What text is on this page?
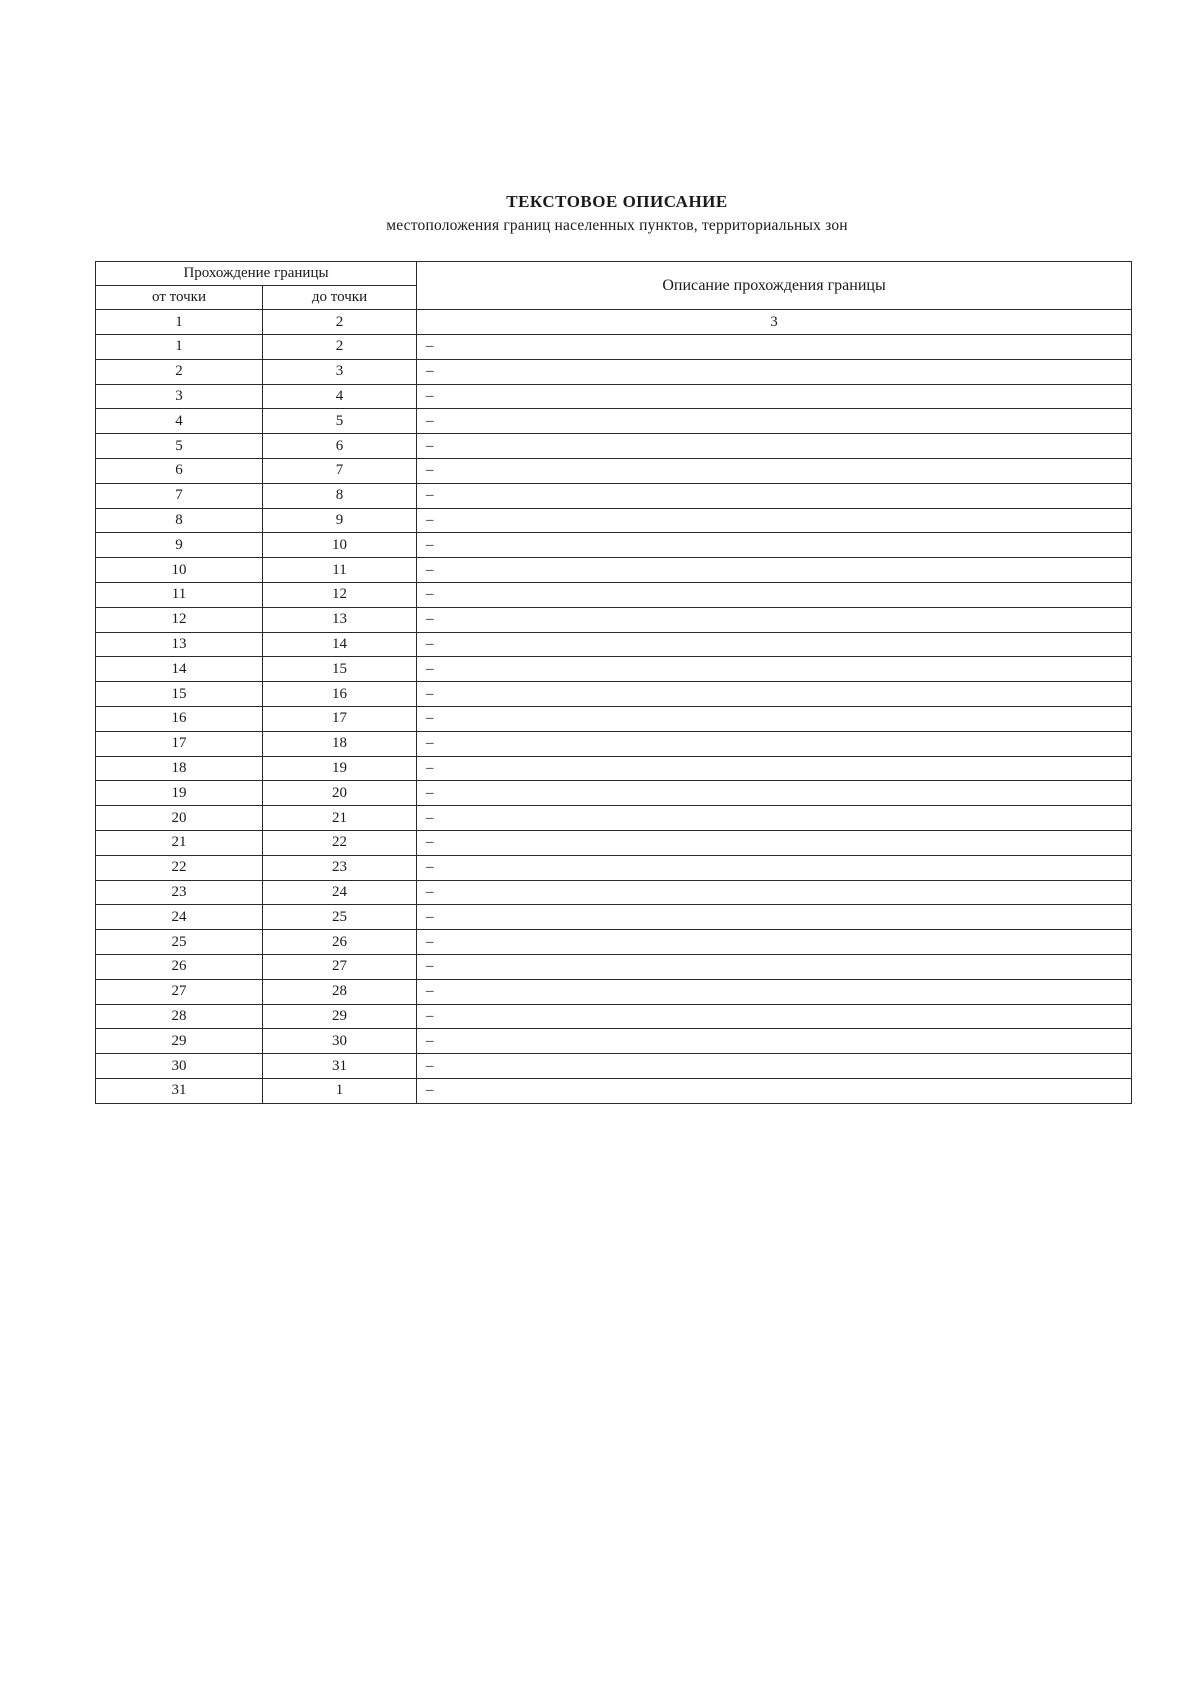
ТЕКСТОВОЕ ОПИСАНИЕ
местоположения границ населенных пунктов, территориальных зон
Прохождение границы		Описание прохождения границы
от точки	до точки	
1	2	3
1	2	–
2	3	–
3	4	–
4	5	–
5	6	–
6	7	–
7	8	–
8	9	–
9	10	–
10	11	–
11	12	–
12	13	–
13	14	–
14	15	–
15	16	–
16	17	–
17	18	–
18	19	–
19	20	–
20	21	–
21	22	–
22	23	–
23	24	–
24	25	–
25	26	–
26	27	–
27	28	–
28	29	–
29	30	–
30	31	–
31	1	–
